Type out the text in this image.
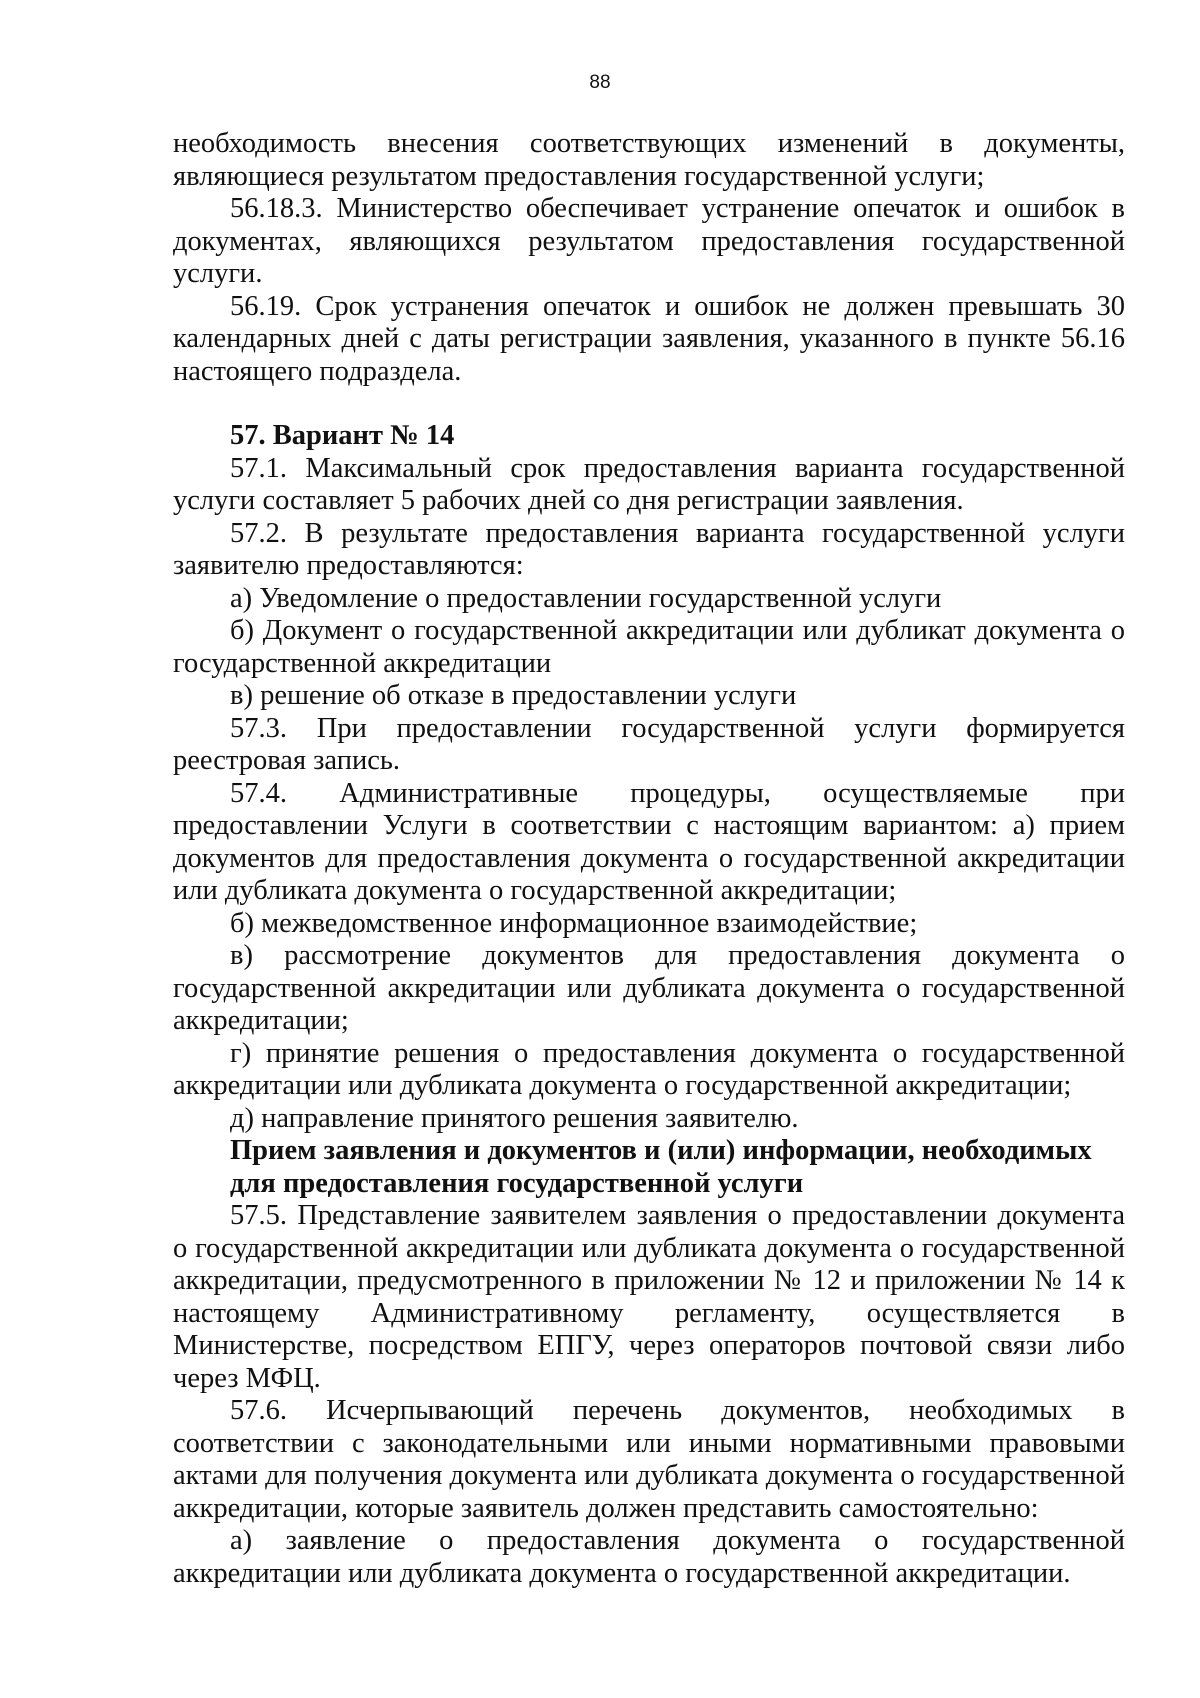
88

необходимость внесения соответствующих изменений в документы, являющиеся результатом предоставления государственной услуги;

56.18.3. Министерство обеспечивает устранение опечаток и ошибок в документах, являющихся результатом предоставления государственной услуги.

56.19. Срок устранения опечаток и ошибок не должен превышать 30 календарных дней с даты регистрации заявления, указанного в пункте 56.16 настоящего подраздела.

57. Вариант № 14

57.1. Максимальный срок предоставления варианта государственной услуги составляет 5 рабочих дней со дня регистрации заявления.

57.2. В результате предоставления варианта государственной услуги заявителю предоставляются:

а) Уведомление о предоставлении государственной услуги

б) Документ о государственной аккредитации или дубликат документа о государственной аккредитации

в) решение об отказе в предоставлении услуги

57.3. При предоставлении государственной услуги формируется реестровая запись.

57.4. Административные процедуры, осуществляемые при предоставлении Услуги в соответствии с настоящим вариантом: а) прием документов для предоставления документа о государственной аккредитации или дубликата документа о государственной аккредитации;

б) межведомственное информационное взаимодействие;

в) рассмотрение документов для предоставления документа о государственной аккредитации или дубликата документа о государственной аккредитации;

г) принятие решения о предоставления документа о государственной аккредитации или дубликата документа о государственной аккредитации;

д) направление принятого решения заявителю.

Прием заявления и документов и (или) информации, необходимых

для предоставления государственной услуги

57.5. Представление заявителем заявления о предоставлении документа о государственной аккредитации или дубликата документа о государственной аккредитации, предусмотренного в приложении № 12 и приложении № 14 к настоящему Административному регламенту, осуществляется в Министерстве, посредством ЕПГУ, через операторов почтовой связи либо через МФЦ.

57.6. Исчерпывающий перечень документов, необходимых в соответствии с законодательными или иными нормативными правовыми актами для получения документа или дубликата документа о государственной аккредитации, которые заявитель должен представить самостоятельно:

а) заявление о предоставления документа о государственной аккредитации или дубликата документа о государственной аккредитации.
